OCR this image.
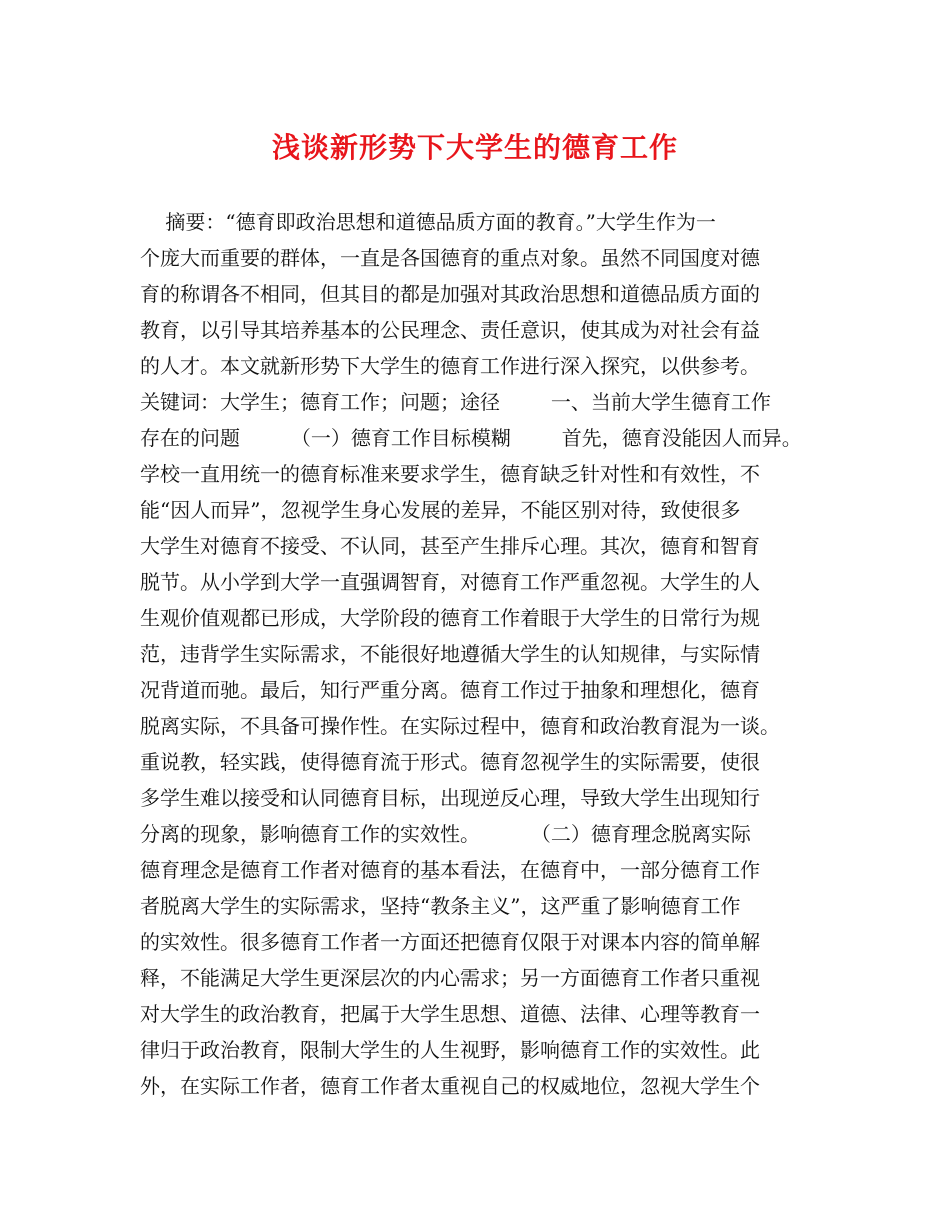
浅谈新形势下大学生的德育工作
摘要：“德育即政治思想和道德品质方面的教育。”大学生作为一
个庞大而重要的群体，一直是各国德育的重点对象。虽然不同国度对德
育的称谓各不相同，但其目的都是加强对其政治思想和道德品质方面的
教育，以引导其培养基本的公民理念、责任意识，使其成为对社会有益
的人才。本文就新形势下大学生的德育工作进行深入探究，以供参考。
关键词：大学生；德育工作；问题；途径        一、当前大学生德育工作
存在的问题        （一）德育工作目标模糊        首先，德育没能因人而异。
学校一直用统一的德育标准来要求学生，德育缺乏针对性和有效性，不
能“因人而异”，忽视学生身心发展的差异，不能区别对待，致使很多
大学生对德育不接受、不认同，甚至产生排斥心理。其次，德育和智育
脱节。从小学到大学一直强调智育，对德育工作严重忽视。大学生的人
生观价值观都已形成，大学阶段的德育工作着眼于大学生的日常行为规
范，违背学生实际需求，不能很好地遵循大学生的认知规律，与实际情
况背道而驰。最后，知行严重分离。德育工作过于抽象和理想化，德育
脱离实际，不具备可操作性。在实际过程中，德育和政治教育混为一谈。
重说教，轻实践，使得德育流于形式。德育忽视学生的实际需要，使很
多学生难以接受和认同德育目标，出现逆反心理，导致大学生出现知行
分离的现象，影响德育工作的实效性。        （二）德育理念脱离实际
德育理念是德育工作者对德育的基本看法，在德育中，一部分德育工作
者脱离大学生的实际需求，坚持“教条主义”，这严重了影响德育工作
的实效性。很多德育工作者一方面还把德育仅限于对课本内容的简单解
释，不能满足大学生更深层次的内心需求；另一方面德育工作者只重视
对大学生的政治教育，把属于大学生思想、道德、法律、心理等教育一
律归于政治教育，限制大学生的人生视野，影响德育工作的实效性。此
外，在实际工作者，德育工作者太重视自己的权威地位，忽视大学生个
